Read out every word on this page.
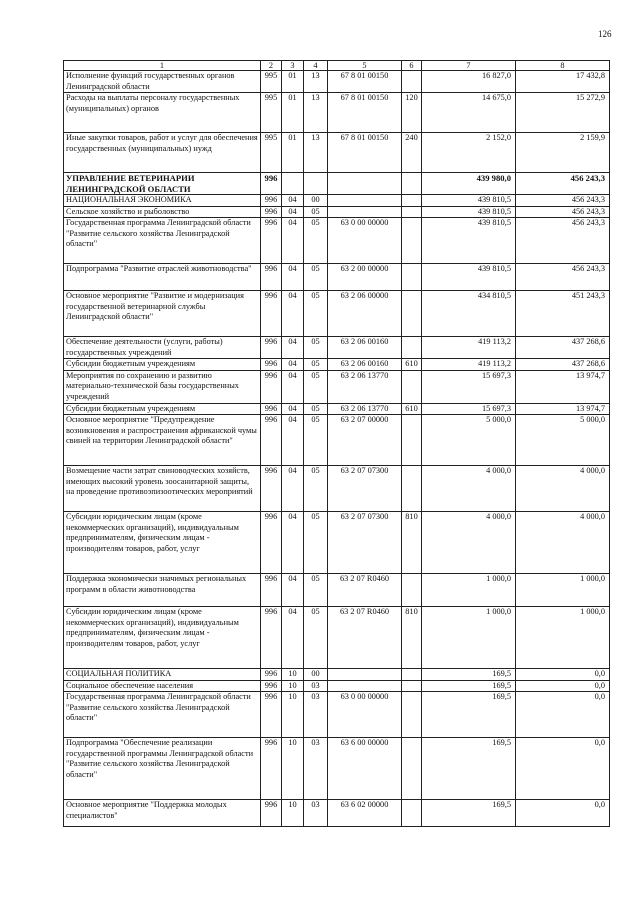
126
1	2	3	4	5	6	7	8
Исполнение функций государственных органов Ленинградской области	995	01	13	67 8 01 00150		16 827,0	17 432,8
Расходы на выплаты персоналу государственных (муниципальных) органов	995	01	13	67 8 01 00150	120	14 675,0	15 272,9
Иные закупки товаров, работ и услуг для обеспечения государственных (муниципальных) нужд	995	01	13	67 8 01 00150	240	2 152,0	2 159,9
УПРАВЛЕНИЕ ВЕТЕРИНАРИИ ЛЕНИНГРАДСКОЙ ОБЛАСТИ	996					439 980,0	456 243,3
НАЦИОНАЛЬНАЯ ЭКОНОМИКА	996	04	00			439 810,5	456 243,3
Сельское хозяйство и рыболовство	996	04	05			439 810,5	456 243,3
Государственная программа Ленинградской области "Развитие сельского хозяйства Ленинградской области"	996	04	05	63 0 00 00000		439 810,5	456 243,3
Подпрограмма "Развитие отраслей животноводства"	996	04	05	63 2 00 00000		439 810,5	456 243,3
Основное мероприятие "Развитие и модернизация государственной ветеринарной службы Ленинградской области"	996	04	05	63 2 06 00000		434 810,5	451 243,3
Обеспечение деятельности (услуги, работы) государственных учреждений	996	04	05	63 2 06 00160		419 113,2	437 268,6
Субсидии бюджетным учреждениям	996	04	05	63 2 06 00160	610	419 113,2	437 268,6
Мероприятия по сохранению и развитию материально-технической базы государственных учреждений	996	04	05	63 2 06 13770		15 697,3	13 974,7
Субсидии бюджетным учреждениям	996	04	05	63 2 06 13770	610	15 697,3	13 974,7
Основное мероприятие "Предупреждение возникновения и распространения африканской чумы свиней на территории Ленинградской области"	996	04	05	63 2 07 00000		5 000,0	5 000,0
Возмещение части затрат свиноводческих хозяйств, имеющих высокий уровень зоосанитарной защиты, на проведение противоэпизоотических мероприятий	996	04	05	63 2 07 07300		4 000,0	4 000,0
Субсидии юридическим лицам (кроме некоммерческих организаций), индивидуальным предпринимателям, физическим лицам - производителям товаров, работ, услуг	996	04	05	63 2 07 07300	810	4 000,0	4 000,0
Поддержка экономически значимых региональных программ в области животноводства	996	04	05	63 2 07 R0460		1 000,0	1 000,0
Субсидии юридическим лицам (кроме некоммерческих организаций), индивидуальным предпринимателям, физическим лицам - производителям товаров, работ, услуг	996	04	05	63 2 07 R0460	810	1 000,0	1 000,0
СОЦИАЛЬНАЯ ПОЛИТИКА	996	10	00			169,5	0,0
Социальное обеспечение населения	996	10	03			169,5	0,0
Государственная программа Ленинградской области "Развитие сельского хозяйства Ленинградской области"	996	10	03	63 0 00 00000		169,5	0,0
Подпрограмма "Обеспечение реализации государственной программы Ленинградской области "Развитие сельского хозяйства Ленинградской области"	996	10	03	63 6 00 00000		169,5	0,0
Основное мероприятие "Поддержка молодых специалистов"	996	10	03	63 6 02 00000		169,5	0,0
